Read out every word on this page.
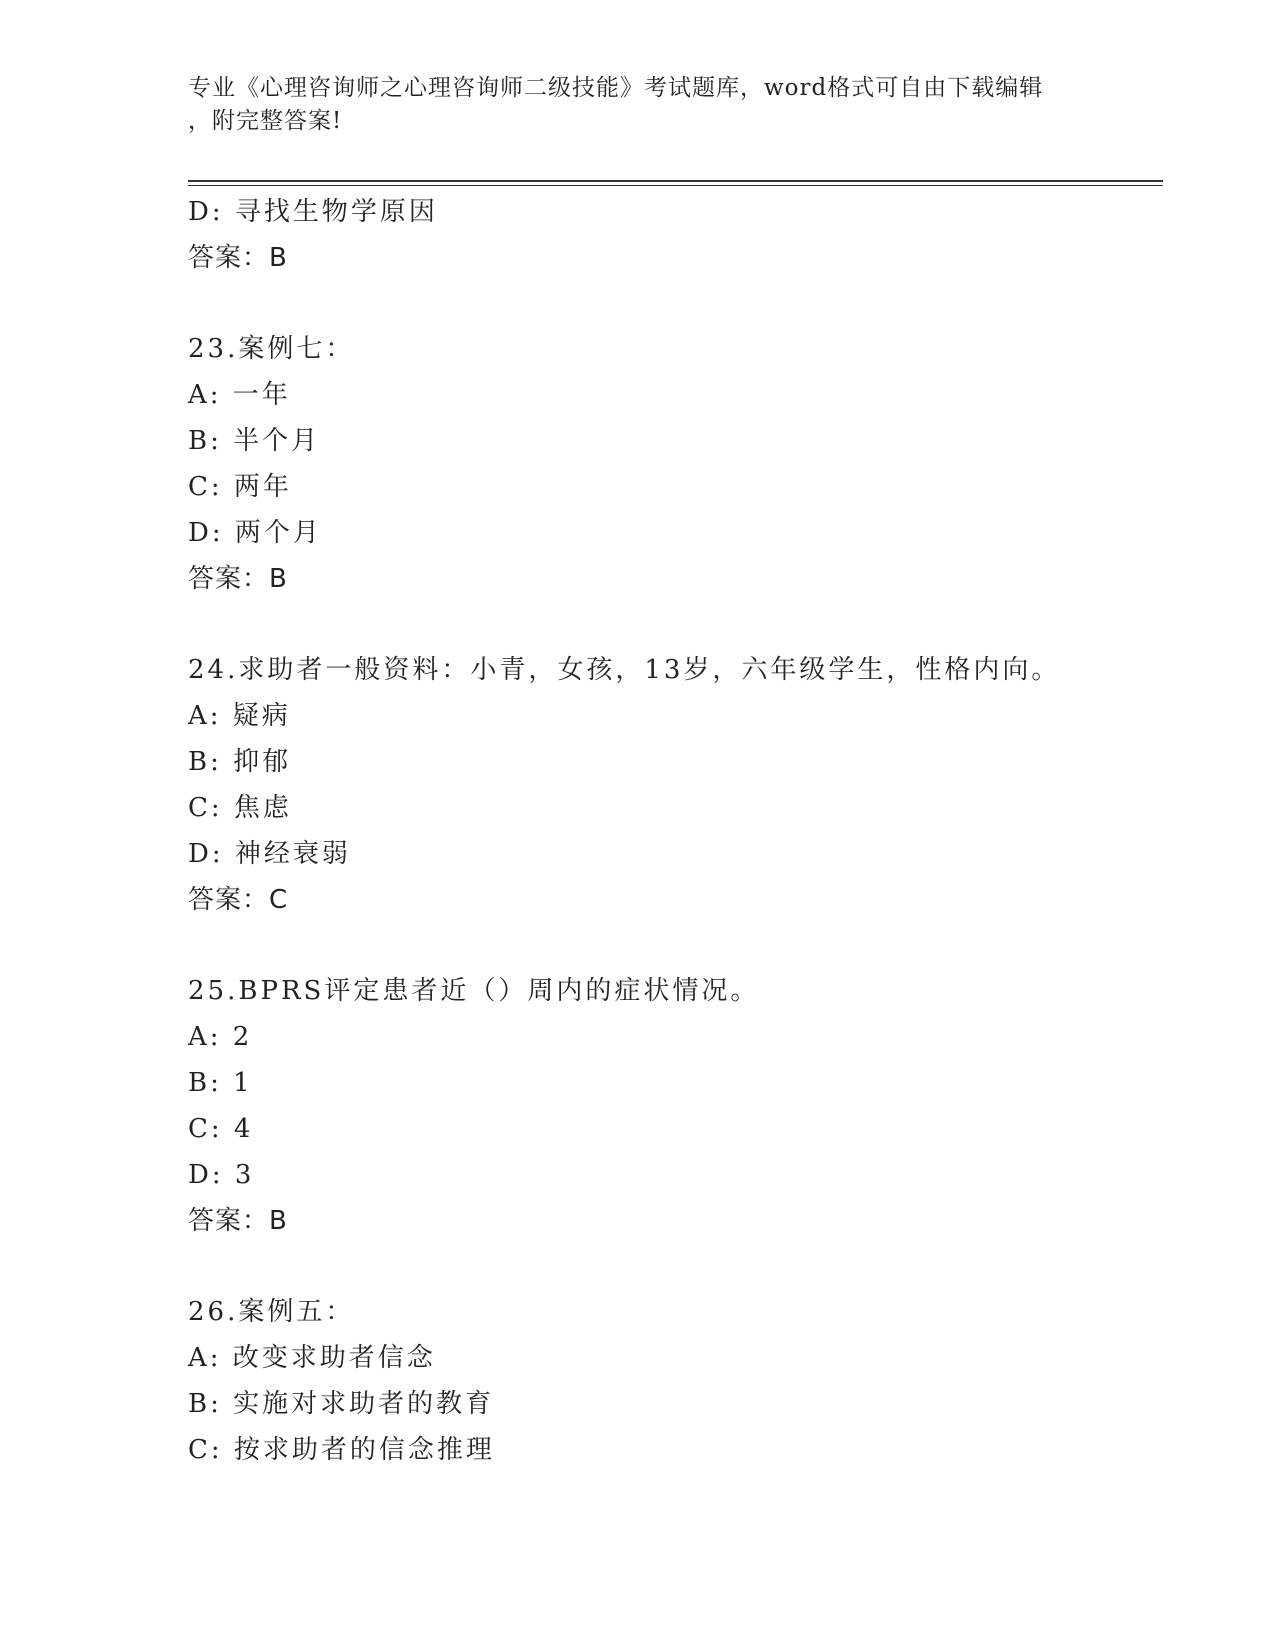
专业《心理咨询师之心理咨询师二级技能》考试题库，word格式可自由下载编辑
，附完整答案!
D: 寻找生物学原因
答案：B
23.案例七：
A: 一年
B: 半个月
C: 两年
D: 两个月
答案：B
24.求助者一般资料：小青，女孩，13岁，六年级学生，性格内向。
A: 疑病
B: 抑郁
C: 焦虑
D: 神经衰弱
答案：C
25.BPRS评定患者近（）周内的症状情况。
A: 2
B: 1
C: 4
D: 3
答案：B
26.案例五：
A: 改变求助者信念
B: 实施对求助者的教育
C: 按求助者的信念推理
